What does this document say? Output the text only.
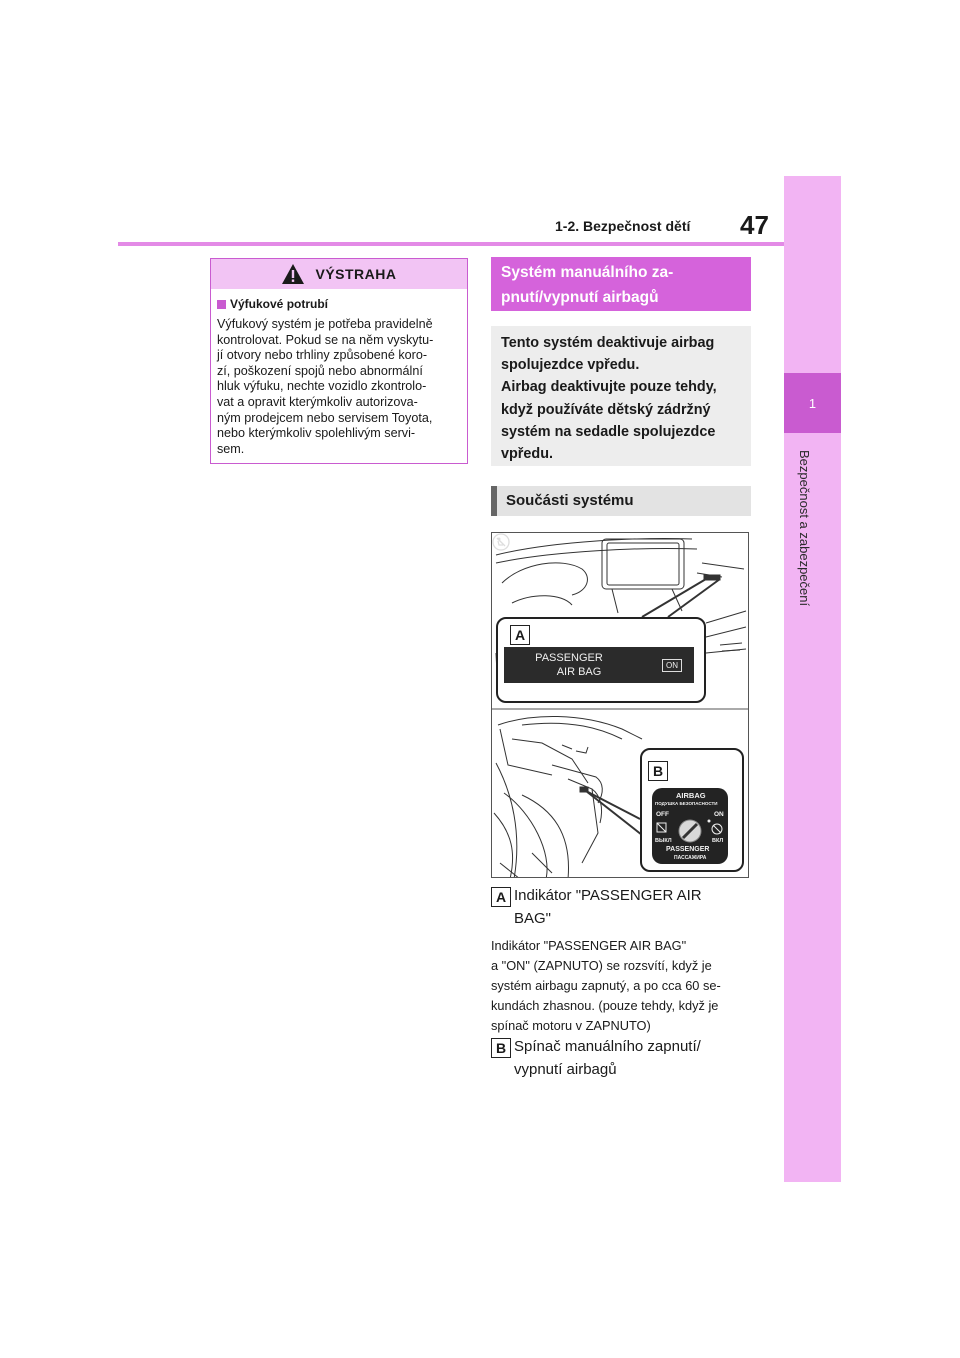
47
1-2. Bezpečnost dětí
1
Bezpečnost a zabezpečení
VÝSTRAHA
Výfukové potrubí
Výfukový systém je potřeba pravidelně
kontrolovat. Pokud se na něm vyskytu-
jí otvory nebo trhliny způsobené koro-
zí, poškození spojů nebo abnormální
hluk výfuku, nechte vozidlo zkontrolo-
vat a opravit kterýmkoliv autorizova-
ným prodejcem nebo servisem Toyota,
nebo kterýmkoliv spolehlivým servi-
sem.
Systém manuálního za-
pnutí/vypnutí airbagů
Tento systém deaktivuje airbag
spolujezdce vpředu.
Airbag deaktivujte pouze tehdy,
když používáte dětský zádržný
systém na sedadle spolujezdce
vpředu.
Součásti systému
A
PASSENGER
AIR BAG
ON
B
AIRBAG
ПОДУШКА БЕЗОПАСНОСТИ
OFF	ON
ВЫКЛ	ВКЛ
PASSENGER
ПАССАЖИРА
A Indikátor "PASSENGER AIR
BAG"
Indikátor "PASSENGER AIR BAG"
a "ON" (ZAPNUTO) se rozsvítí, když je
systém airbagu zapnutý, a po cca 60 se-
kundách zhasnou. (pouze tehdy, když je
spínač motoru v ZAPNUTO)
B Spínač manuálního zapnutí/
vypnutí airbagů
